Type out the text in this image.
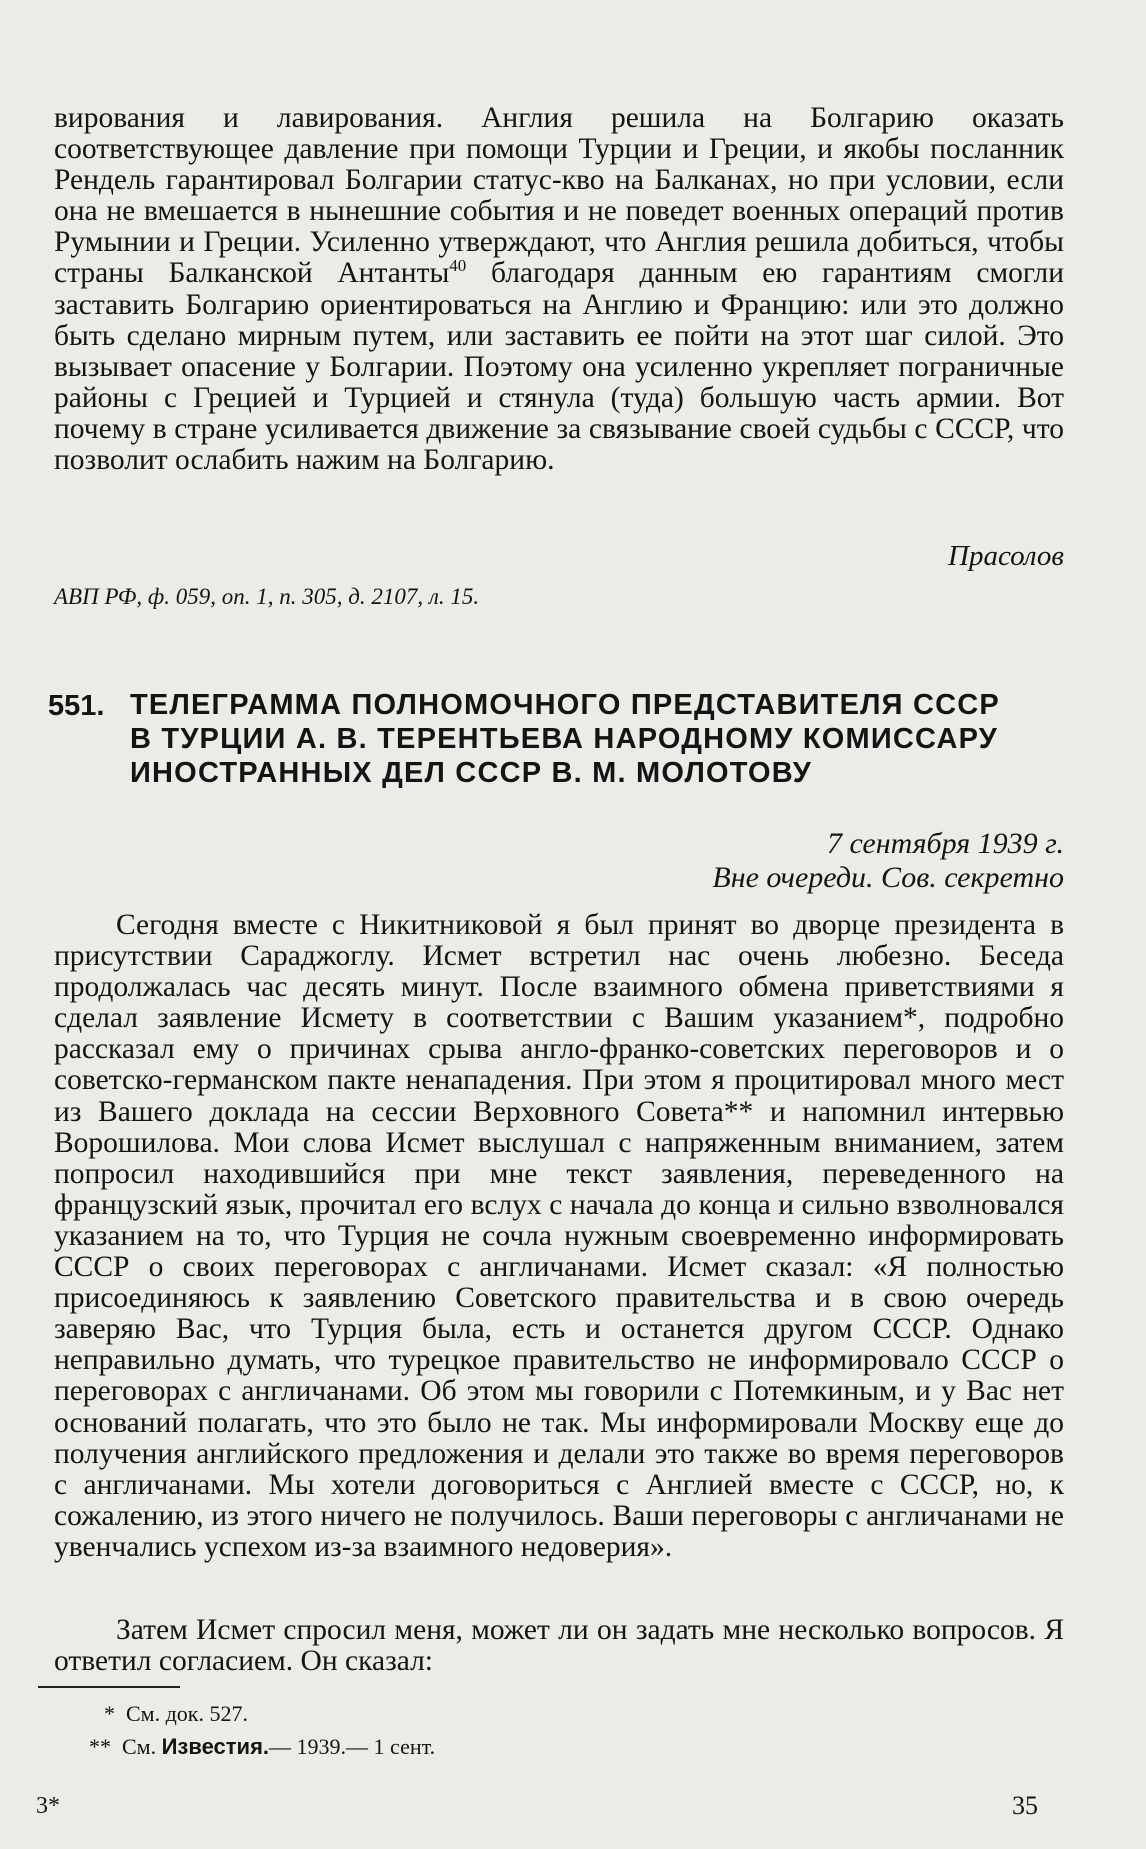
вирования и лавирования. Англия решила на Болгарию оказать соответствующее давление при помощи Турции и Греции, и якобы посланник Рендель гарантировал Болгарии статус-кво на Балканах, но при условии, если она не вмешается в нынешние события и не поведет военных операций против Румынии и Греции. Усиленно утверждают, что Англия решила добиться, чтобы страны Балканской Антанты$^{40}$ благодаря данным ею гарантиям смогли заставить Болгарию ориентироваться на Англию и Францию: или это должно быть сделано мирным путем, или заставить ее пойти на этот шаг силой. Это вызывает опасение у Болгарии. Поэтому она усиленно укрепляет пограничные районы с Грецией и Турцией и стянула (туда) большую часть армии. Вот почему в стране усиливается движение за связывание своей судьбы с СССР, что позволит ослабить нажим на Болгарию.

Прасолов
АВП РФ, ф. 059, оп. 1, п. 305, д. 2107, л. 15.
551. ТЕЛЕГРАММА ПОЛНОМОЧНОГО ПРЕДСТАВИТЕЛЯ СССР

В ТУРЦИИ А. В. ТЕРЕНТЬЕВА НАРОДНОМУ КОМИССАРУ

ИНОСТРАННЫХ ДЕЛ СССР В. М. МОЛОТОВУ

7 сентября 1939 г.
Вне очереди. Сов. секретно

Сегодня вместе с Никитниковой я был принят во дворце президента в присутствии Сараджоглу. Исмет встретил нас очень любезно. Беседа продолжалась час десять минут. После взаимного обмена приветствиями я сделал заявление Исмету в соответствии с Вашим указанием*, подробно рассказал ему о причинах срыва англо-франко-советских переговоров и о советско-германском пакте ненападения. При этом я процитировал много мест из Вашего доклада на сессии Верховного Совета** и напомнил интервью Ворошилова. Мои слова Исмет выслушал с напряженным вниманием, затем попросил находившийся при мне текст заявления, переведенного на французский язык, прочитал его вслух с начала до конца и сильно взволновался указанием на то, что Турция не сочла нужным своевременно информировать СССР о своих переговорах с англичанами. Исмет сказал: «Я полностью присоединяюсь к заявлению Советского правительства и в свою очередь заверяю Вас, что Турция была, есть и останется другом СССР. Однако неправильно думать, что турецкое правительство не информировало СССР о переговорах с англичанами. Об этом мы говорили с Потемкиным, и у Вас нет оснований полагать, что это было не так. Мы информировали Москву еще до получения английского предложения и делали это также во время переговоров с англичанами. Мы хотели договориться с Англией вместе с СССР, но, к сожалению, из этого ничего не получилось. Ваши переговоры с англичанами не увенчались успехом из-за взаимного недоверия».

Затем Исмет спросил меня, может ли он задать мне несколько вопросов. Я ответил согласием. Он сказал:

* См. док. 527.
** См. Известия.— 1939.— 1 сент.
3*	35
